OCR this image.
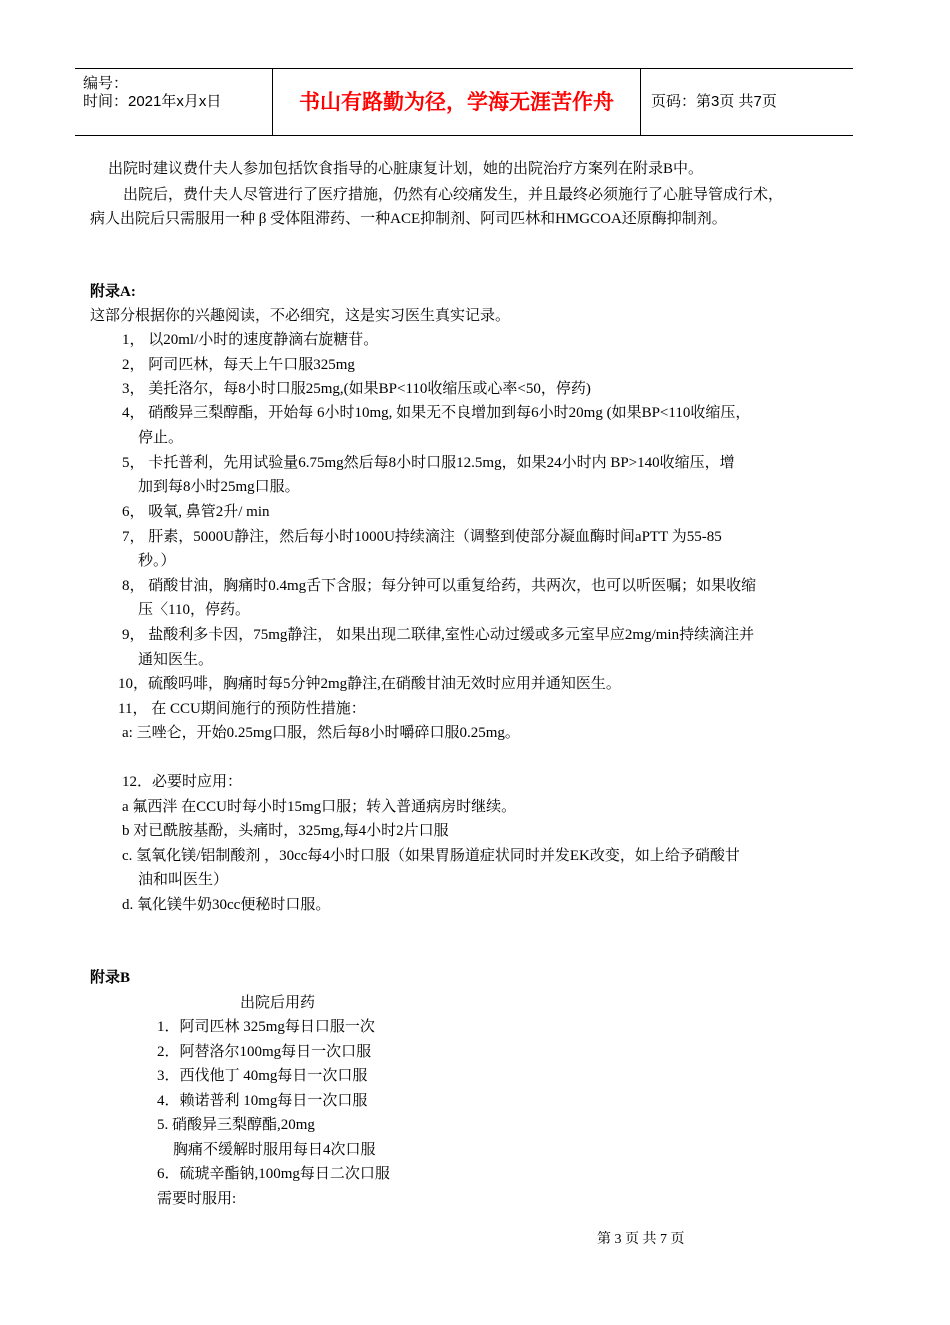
编号：
时间：2021年x月x日	书山有路勤为径，学海无涯苦作舟	页码：第3页 共7页
出院时建议费什夫人参加包括饮食指导的心脏康复计划，她的出院治疗方案列在附录B中。
出院后，费什夫人尽管进行了医疗措施，仍然有心绞痛发生，并且最终必须施行了心脏导管成行术，
病人出院后只需服用一种 β 受体阻滞药、一种ACE抑制剂、阿司匹林和HMGCOA还原酶抑制剂。
附录A:
这部分根据你的兴趣阅读，不必细究，这是实习医生真实记录。
1， 以20ml/小时的速度静滴右旋糖苷。
2， 阿司匹林，每天上午口服325mg
3， 美托洛尔，每8小时口服25mg,(如果BP<110收缩压或心率<50，停药)
4， 硝酸异三梨醇酯，开始每 6小时10mg, 如果无不良增加到每6小时20mg (如果BP<110收缩压，
停止。
5， 卡托普利，先用试验量6.75mg然后每8小时口服12.5mg，如果24小时内 BP>140收缩压，增
加到每8小时25mg口服。
6， 吸氧, 鼻管2升/ min
7， 肝素，5000U静注，然后每小时1000U持续滴注（调整到使部分凝血酶时间aPTT 为55-85
秒。）
8， 硝酸甘油，胸痛时0.4mg舌下含服；每分钟可以重复给药，共两次，也可以听医嘱；如果收缩
压〈110，停药。
9， 盐酸利多卡因，75mg静注， 如果出现二联律,室性心动过缓或多元室早应2mg/min持续滴注并
通知医生。
10，硫酸吗啡，胸痛时每5分钟2mg静注,在硝酸甘油无效时应用并通知医生。
11， 在 CCU期间施行的预防性措施：
a: 三唑仑，开始0.25mg口服，然后每8小时嚼碎口服0.25mg。
12．必要时应用：
a 氟西泮 在CCU时每小时15mg口服；转入普通病房时继续。
b 对已酰胺基酚，头痛时，325mg,每4小时2片口服
c. 氢氧化镁/铝制酸剂 ，30cc每4小时口服（如果胃肠道症状同时并发EK改变，如上给予硝酸甘
油和叫医生）
d. 氧化镁牛奶30cc便秘时口服。
附录B
出院后用药
1．阿司匹林 325mg每日口服一次
2．阿替洛尔100mg每日一次口服
3．西伐他丁 40mg每日一次口服
4．赖诺普利 10mg每日一次口服
5. 硝酸异三梨醇酯,20mg
胸痛不缓解时服用每日4次口服
6．硫琥辛酯钠,100mg每日二次口服
需要时服用:
第 3 页 共 7 页
